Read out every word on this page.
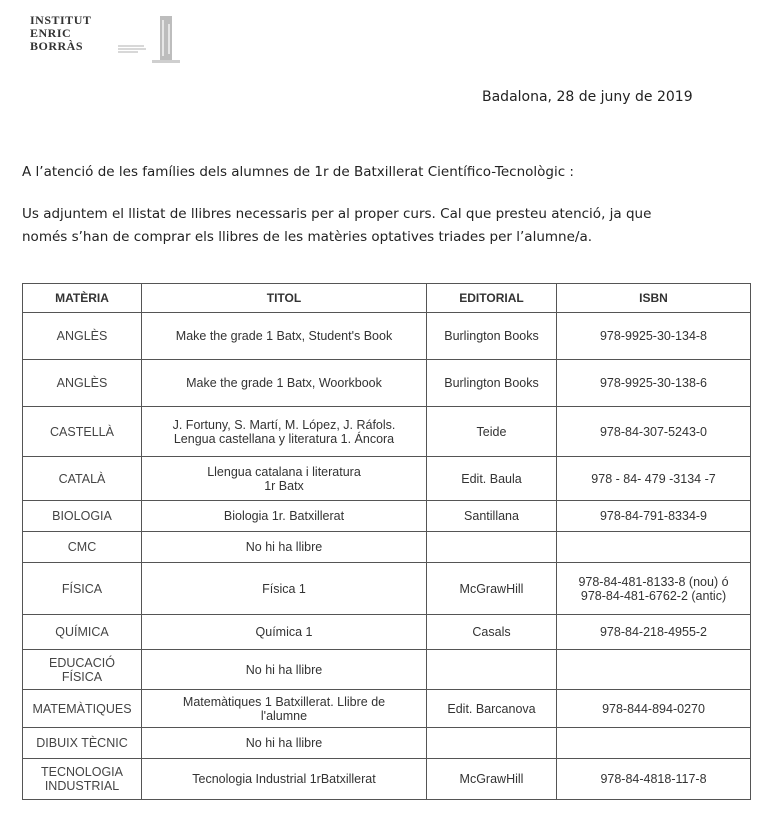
INSTITUT
ENRIC
BORRÀS
Badalona, 28 de juny de 2019
A l’atenció de les famílies dels alumnes de 1r de Batxillerat Científico-Tecnològic :
Us adjuntem el llistat de llibres necessaris per al proper curs. Cal que presteu atenció, ja que
només s’han de comprar els llibres de les matèries optatives triades per l’alumne/a.
MATÈRIA	TITOL	EDITORIAL	ISBN

ANGLÈS	Make the grade 1 Batx, Student's Book	Burlington Books	978-9925-30-134-8

ANGLÈS	Make the grade 1 Batx, Woorkbook	Burlington Books	978-9925-30-138-6

CASTELLÀ	J. Fortuny, S. Martí, M. López, J. Ráfols.
Lengua castellana y literatura 1. Áncora	Teide	978-84-307-5243-0

CATALÀ	Llengua catalana i literatura
1r Batx	Edit. Baula	978 - 84- 479 -3134 -7

BIOLOGIA	Biologia 1r. Batxillerat	Santillana	978-84-791-8334-9

CMC	No hi ha llibre		

FÍSICA	Física 1	McGrawHill	978-84-481-8133-8 (nou) ó
978-84-481-6762-2 (antic)

QUÍMICA	Química 1	Casals	978-84-218-4955-2

EDUCACIÓ
FÍSICA	No hi ha llibre		

MATEMÀTIQUES	Matemàtiques 1 Batxillerat. Llibre de
l'alumne	Edit. Barcanova	978-844-894-0270

DIBUIX TÈCNIC	No hi ha llibre		

TECNOLOGIA
INDUSTRIAL	Tecnologia Industrial 1rBatxillerat	McGrawHill	978-84-4818-117-8
